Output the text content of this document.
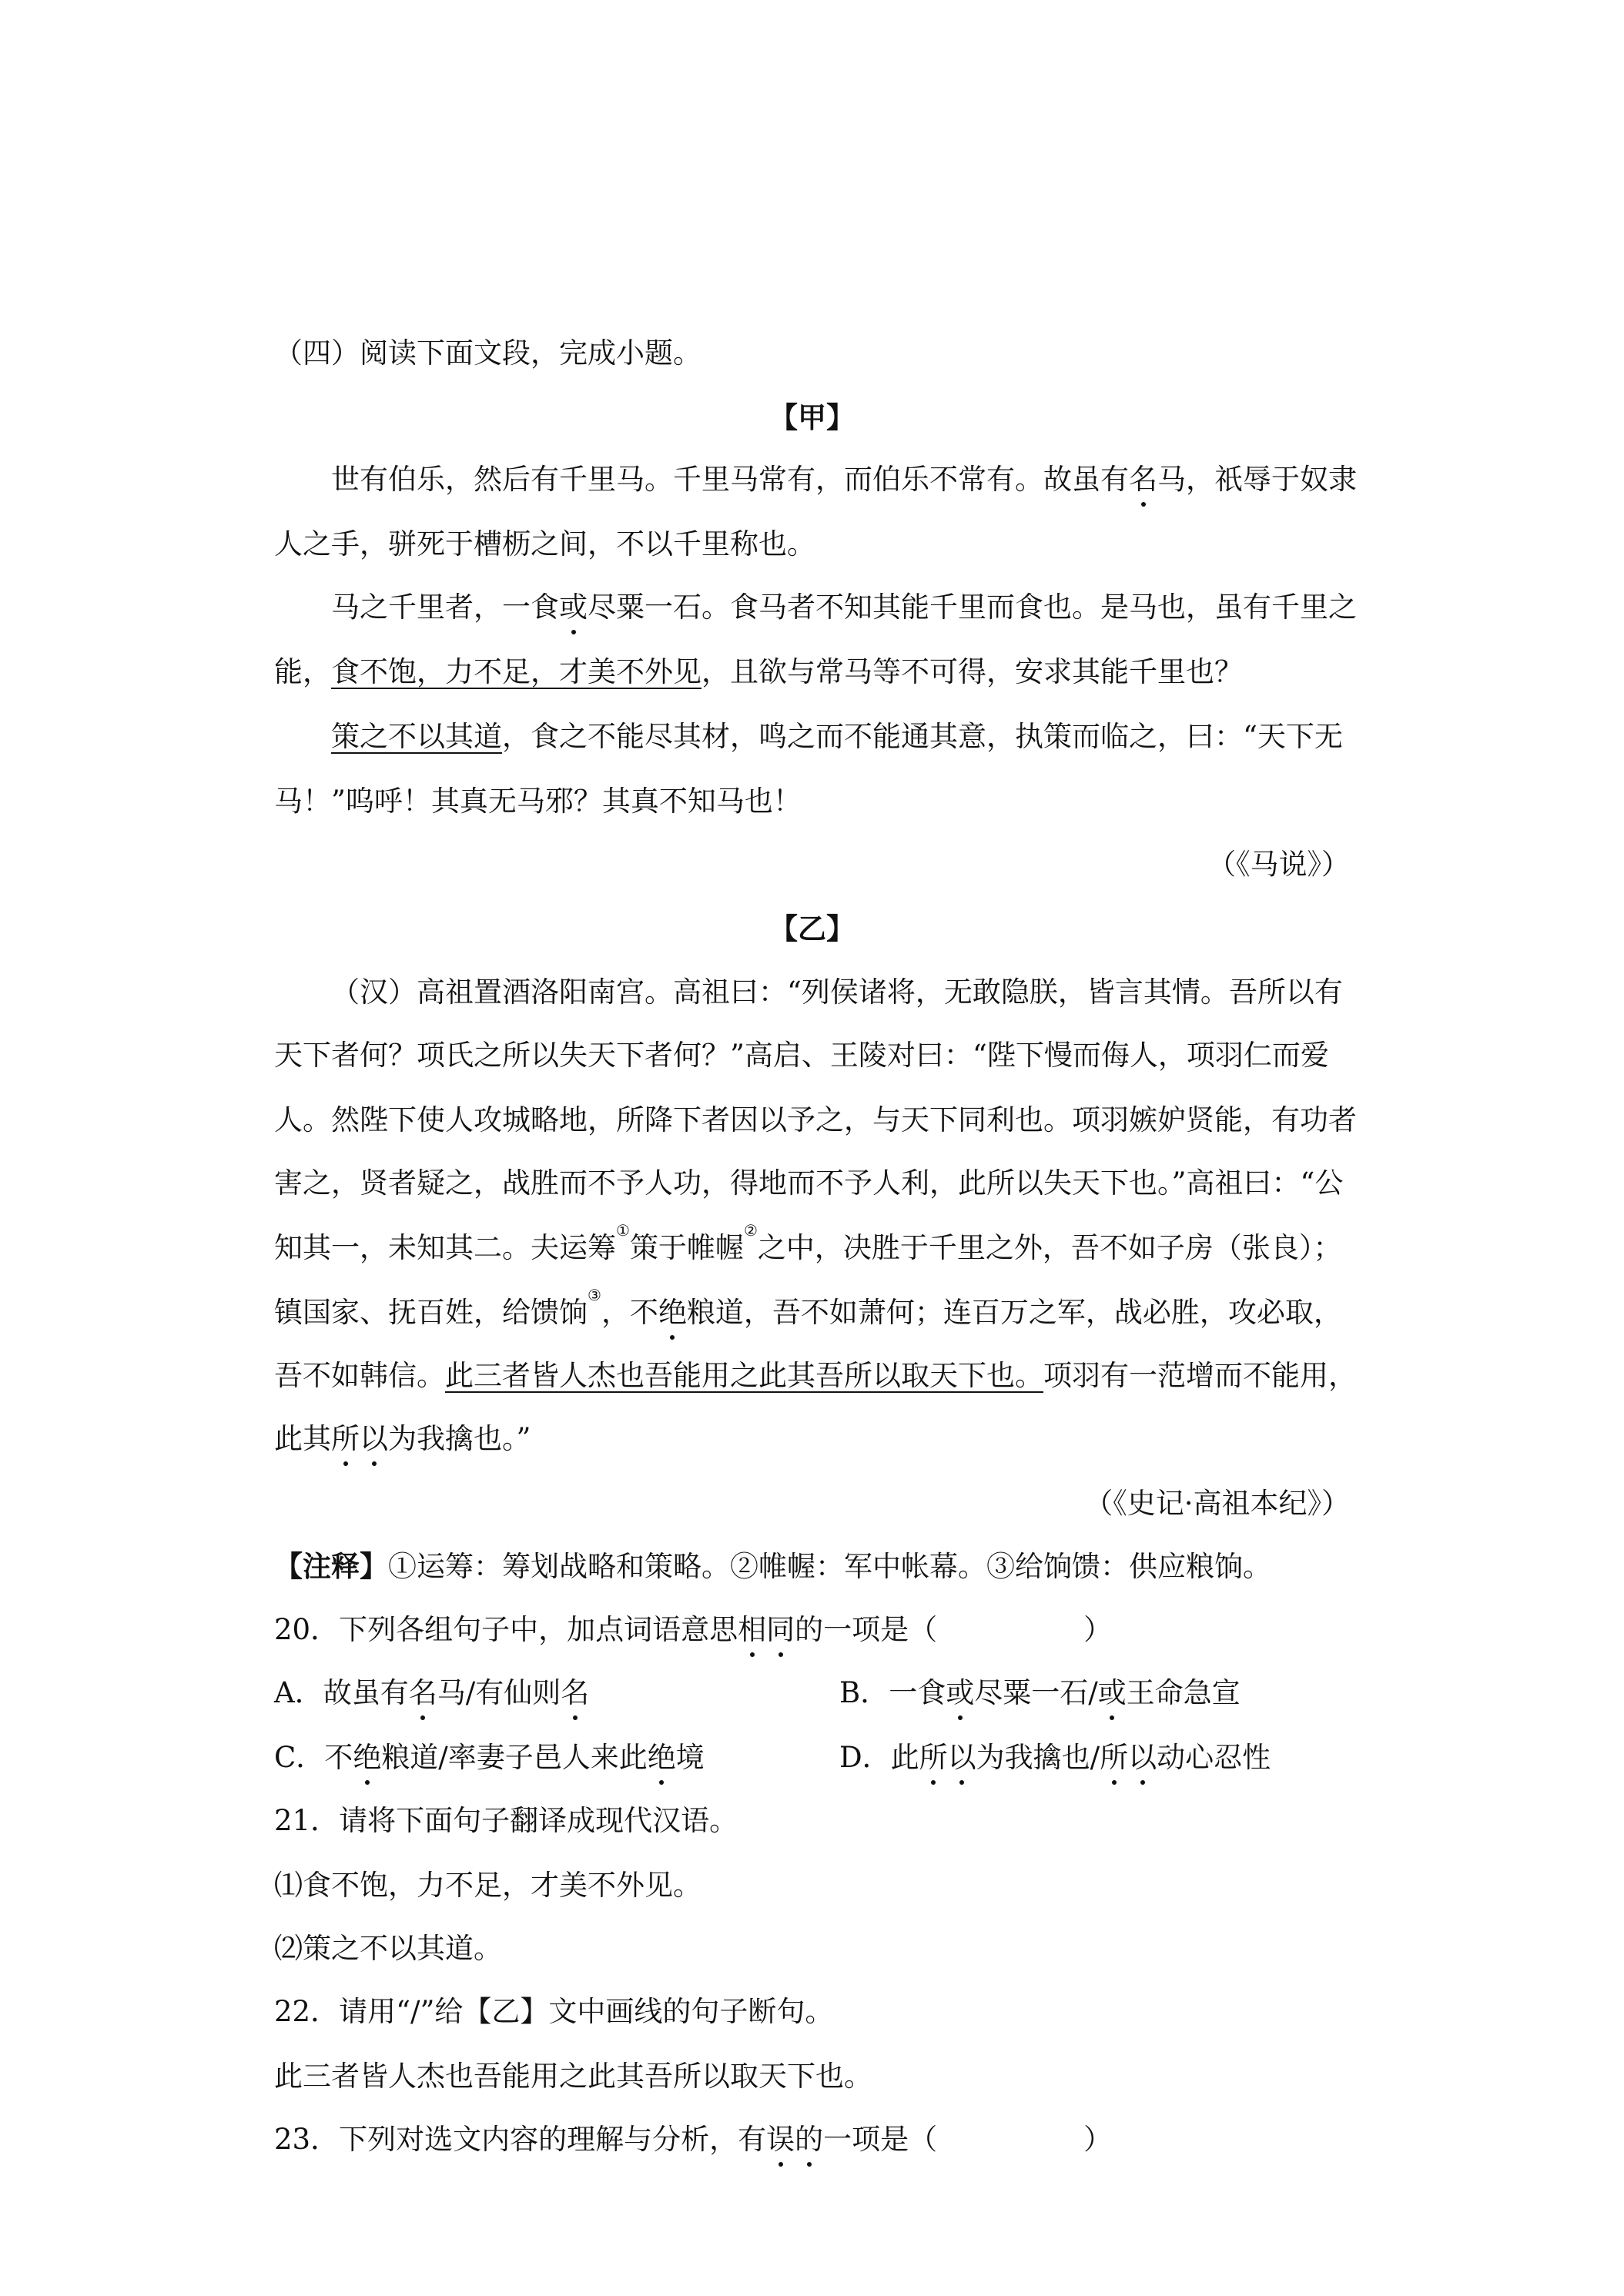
（四）阅读下面文段，完成小题。
【甲】
世有伯乐，然后有千里马。千里马常有，而伯乐不常有。故虽有名马，祇辱于奴隶
人之手，骈死于槽枥之间，不以千里称也。
马之千里者，一食或尽粟一石。食马者不知其能千里而食也。是马也，虽有千里之
能，食不饱，力不足，才美不外见，且欲与常马等不可得，安求其能千里也？
策之不以其道，食之不能尽其材，鸣之而不能通其意，执策而临之，曰：“天下无
马！”呜呼！其真无马邪？其真不知马也！
（《马说》）
【乙】
（汉）高祖置酒洛阳南宫。高祖曰：“列侯诸将，无敢隐朕，皆言其情。吾所以有
天下者何？项氏之所以失天下者何？”高启、王陵对曰：“陛下慢而侮人，项羽仁而爱
人。然陛下使人攻城略地，所降下者因以予之，与天下同利也。项羽嫉妒贤能，有功者
害之，贤者疑之，战胜而不予人功，得地而不予人利，此所以失天下也。”高祖曰：“公
知其一，未知其二。夫运筹①策于帷幄②之中，决胜于千里之外，吾不如子房（张良）；
镇国家、抚百姓，给馈饷③，不绝粮道，吾不如萧何；连百万之军，战必胜，攻必取，
吾不如韩信。此三者皆人杰也吾能用之此其吾所以取天下也。项羽有一范增而不能用，
此其所以为我擒也。”
（《史记·高祖本纪》）
【注释】①运筹：筹划战略和策略。②帷幄：军中帐幕。③给饷馈：供应粮饷。
20．下列各组句子中，加点词语意思相同的一项是（	）
A．故虽有名马/有仙则名	B．一食或尽粟一石/或王命急宣
C．不绝粮道/率妻子邑人来此绝境	D．此所以为我擒也/所以动心忍性
21．请将下面句子翻译成现代汉语。
⑴食不饱，力不足，才美不外见。
⑵策之不以其道。
22．请用“/”给【乙】文中画线的句子断句。
此三者皆人杰也吾能用之此其吾所以取天下也。
23．下列对选文内容的理解与分析，有误的一项是（	）
